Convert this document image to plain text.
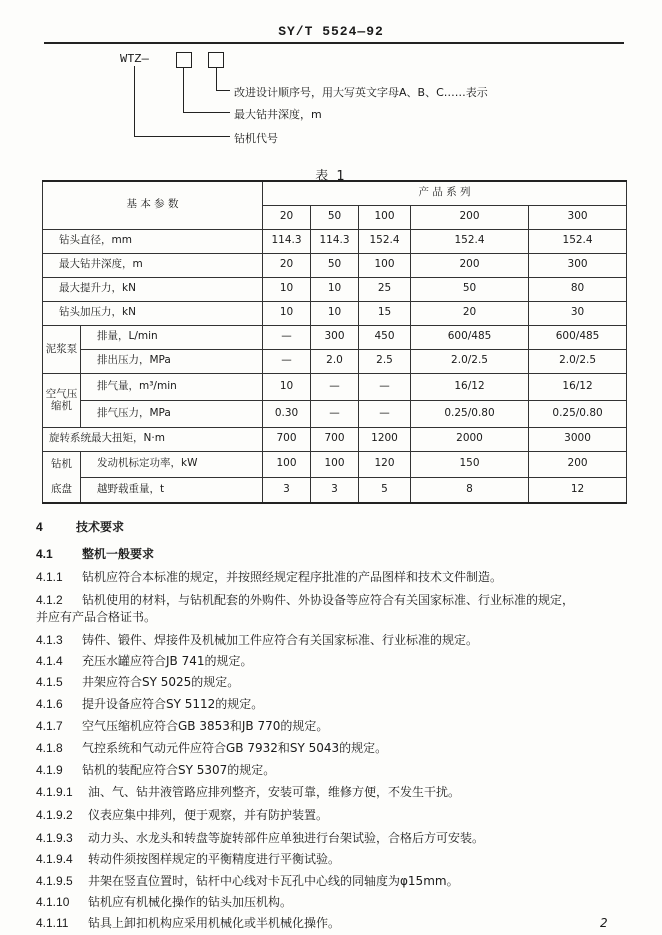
SY/T 5524—92
WTZ—
改进设计顺序号，用大写英文字母A、B、C……表示
最大钻井深度，m
钻机代号
表 1
基 本 参 数		产 品 系 列				
		20	50	100	200	300
钻头直径，mm		114.3	114.3	152.4	152.4	152.4
最大钻井深度，m		20	50	100	200	300
最大提升力，kN		10	10	25	50	80
钻头加压力，kN		10	10	15	20	30
泥浆泵	排量，L/min	—	300	450	600/485	600/485
	排出压力，MPa	—	2.0	2.5	2.0/2.5	2.0/2.5
空气压缩机	排气量，m³/min	10	—	—	16/12	16/12
	排气压力，MPa	0.30	—	—	0.25/0.80	0.25/0.80
旋转系统最大扭矩，N·m		700	700	1200	2000	3000
钻机	发动机标定功率，kW	100	100	120	150	200
底盘	越野载重量，t	3	3	5	8	12
4	技术要求
4.1 整机一般要求
4.1.1 钻机应符合本标准的规定，并按照经规定程序批准的产品图样和技术文件制造。
4.1.2 钻机使用的材料，与钻机配套的外购件、外协设备等应符合有关国家标准、行业标准的规定，
并应有产品合格证书。
4.1.3 铸件、锻件、焊接件及机械加工件应符合有关国家标准、行业标准的规定。
4.1.4 充压水罐应符合JB 741的规定。
4.1.5 井架应符合SY 5025的规定。
4.1.6 提升设备应符合SY 5112的规定。
4.1.7 空气压缩机应符合GB 3853和JB 770的规定。
4.1.8 气控系统和气动元件应符合GB 7932和SY 5043的规定。
4.1.9 钻机的装配应符合SY 5307的规定。
4.1.9.1 油、气、钻井液管路应排列整齐，安装可靠，维修方便，不发生干扰。
4.1.9.2 仪表应集中排列，便于观察，并有防护装置。
4.1.9.3 动力头、水龙头和转盘等旋转部件应单独进行台架试验，合格后方可安装。
4.1.9.4 转动件须按图样规定的平衡精度进行平衡试验。
4.1.9.5 井架在竖直位置时，钻杆中心线对卡瓦孔中心线的同轴度为φ15mm。
4.1.10 钻机应有机械化操作的钻头加压机构。
4.1.11 钻具上卸扣机构应采用机械化或半机械化操作。	2
